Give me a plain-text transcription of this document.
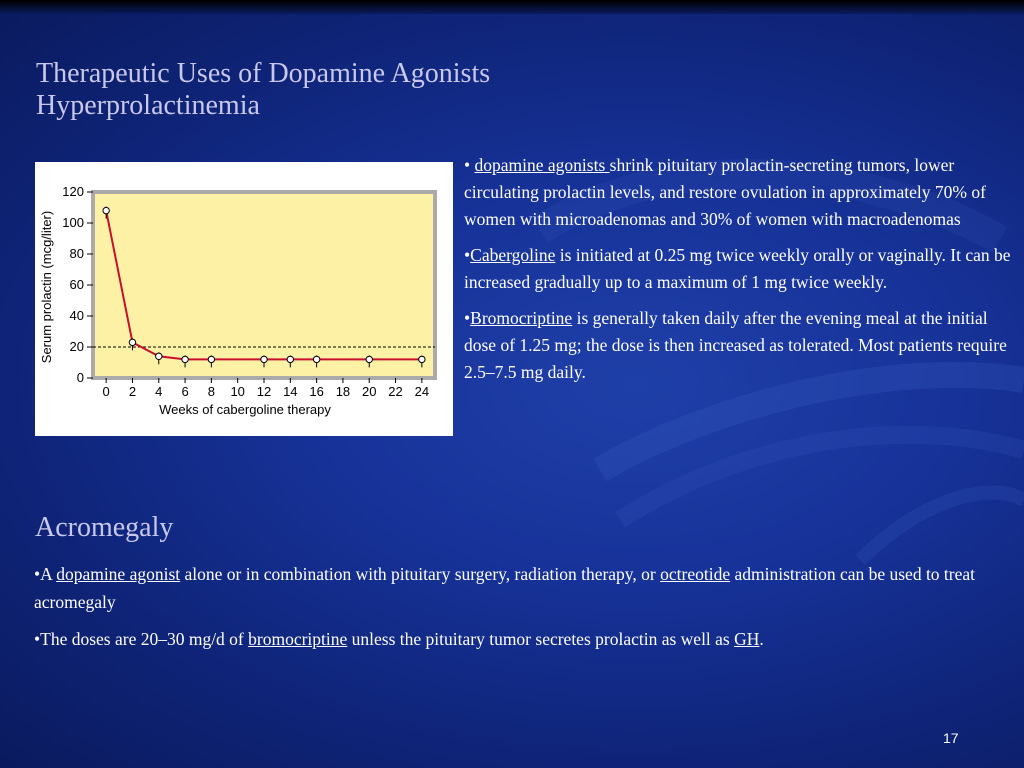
Therapeutic Uses of Dopamine Agonists
Hyperprolactinemia
0
20
40
60
80
100
120
0 2 4 6 8 10 12 14 16 18 20 22 24
Weeks of cabergoline therapy
Serum prolactin (mcg/liter)

• dopamine agonists shrink pituitary prolactin-secreting tumors, lower circulating prolactin levels, and restore ovulation in approximately 70% of women with microadenomas and 30% of women with macroadenomas

•Cabergoline is initiated at 0.25 mg twice weekly orally or vaginally. It can be increased gradually up to a maximum of 1 mg twice weekly.

•Bromocriptine is generally taken daily after the evening meal at the initial dose of 1.25 mg; the dose is then increased as tolerated. Most patients require 2.5–7.5 mg daily.

Acromegaly

•A dopamine agonist alone or in combination with pituitary surgery, radiation therapy, or octreotide administration can be used to treat acromegaly

•The doses are 20–30 mg/d of bromocriptine unless the pituitary tumor secretes prolactin as well as GH.

17
